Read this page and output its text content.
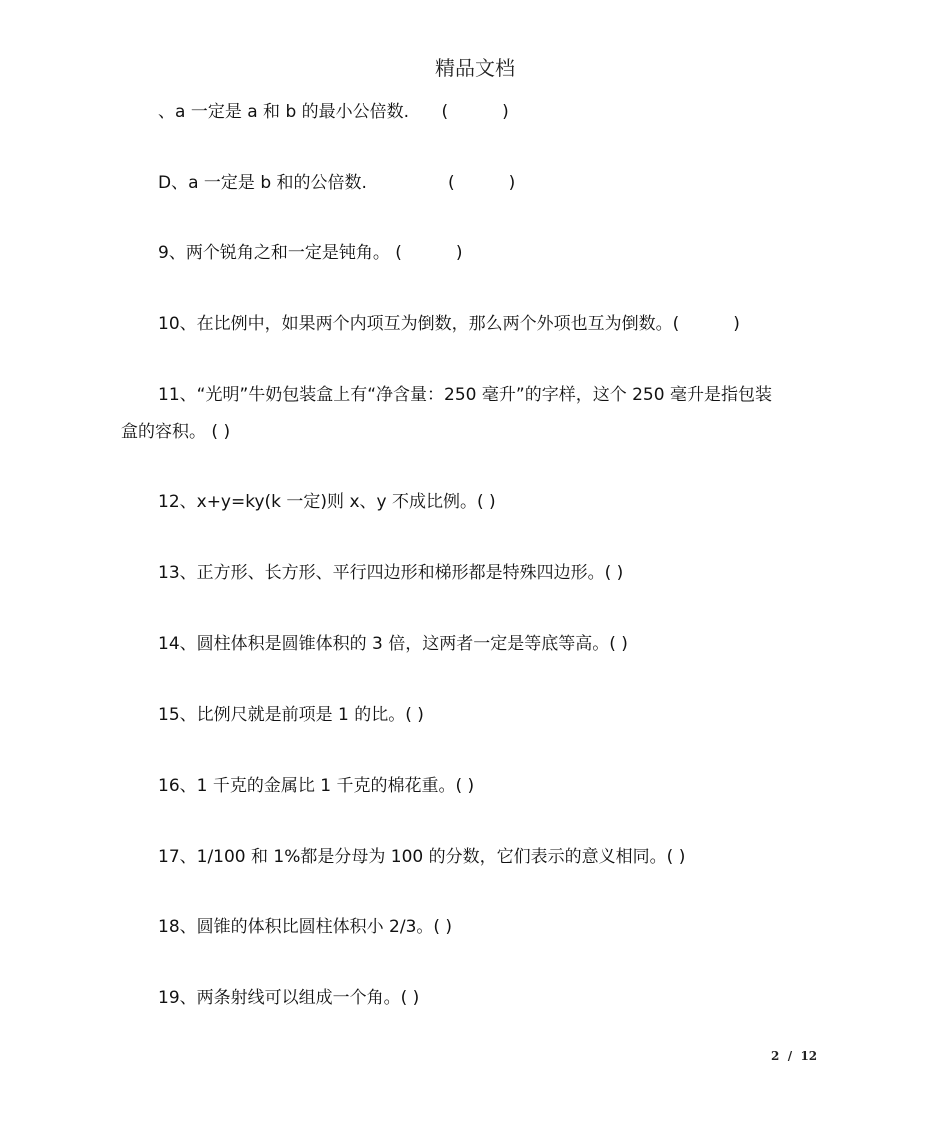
精品文档
、a 一定是 a 和 b 的最小公倍数.      (          )
D、a 一定是 b 和的公倍数.               (          )
9、两个锐角之和一定是钝角。 (          )
10、在比例中，如果两个内项互为倒数，那么两个外项也互为倒数。(          )
11、“光明”牛奶包装盒上有“净含量：250 毫升”的字样，这个 250 毫升是指包装
盒的容积。 ( )
12、x+y=ky(k 一定)则 x、y 不成比例。( )
13、正方形、长方形、平行四边形和梯形都是特殊四边形。( )
14、圆柱体积是圆锥体积的 3 倍，这两者一定是等底等高。( )
15、比例尺就是前项是 1 的比。( )
16、1 千克的金属比 1 千克的棉花重。( )
17、1/100 和 1%都是分母为 100 的分数，它们表示的意义相同。( )
18、圆锥的体积比圆柱体积小 2/3。( )
19、两条射线可以组成一个角。( )
2  /  12
